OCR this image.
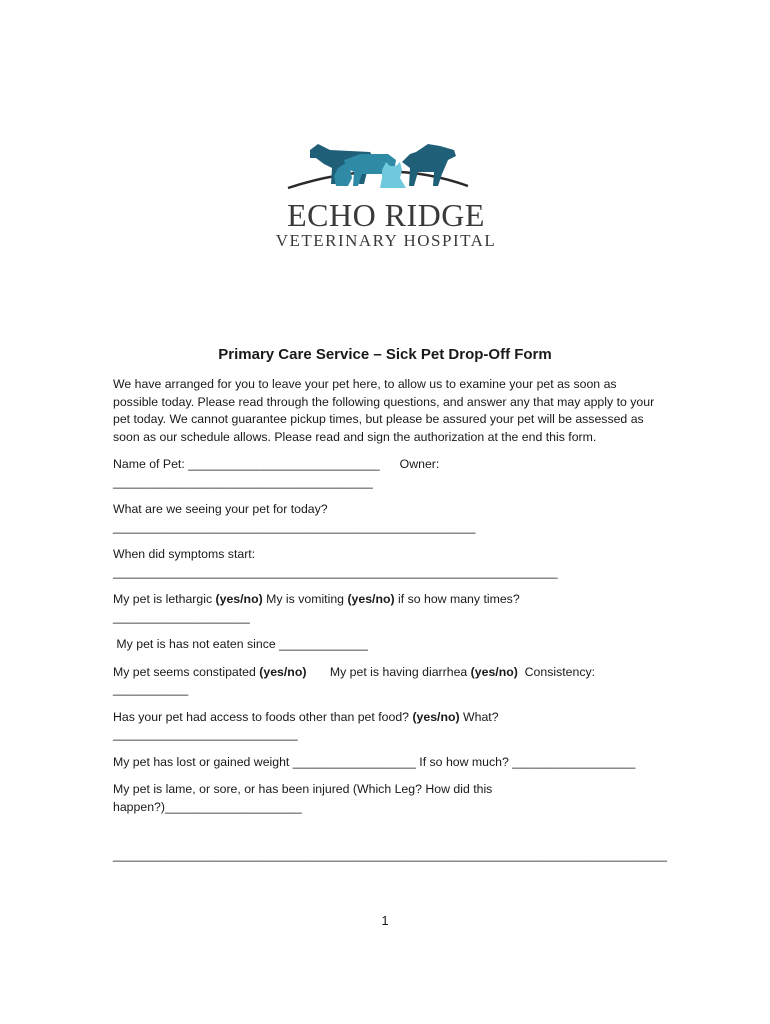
ECHO RIDGE
VETERINARY HOSPITAL
Primary Care Service – Sick Pet Drop-Off Form

We have arranged for you to leave your pet here, to allow us to examine your pet as soon as possible today. Please read through the following questions, and answer any that may apply to your pet today. We cannot guarantee pickup times, but please be assured your pet will be assessed as soon as our schedule allows. Please read and sign the authorization at the end this form.

Name of Pet: ____________________________ Owner:
______________________________________

What are we seeing your pet for today?
_____________________________________________________

When did symptoms start:
_________________________________________________________________

My pet is lethargic (yes/no) My is vomiting (yes/no) if so how many times?
____________________

My pet is has not eaten since _____________

My pet seems constipated (yes/no) My pet is having diarrhea (yes/no) Consistency:
___________

Has your pet had access to foods other than pet food? (yes/no) What?
___________________________

My pet has lost or gained weight __________________ If so how much? __________________

My pet is lame, or sore, or has been injured (Which Leg? How did this happen?)____________________

_________________________________________________________________________________
1
